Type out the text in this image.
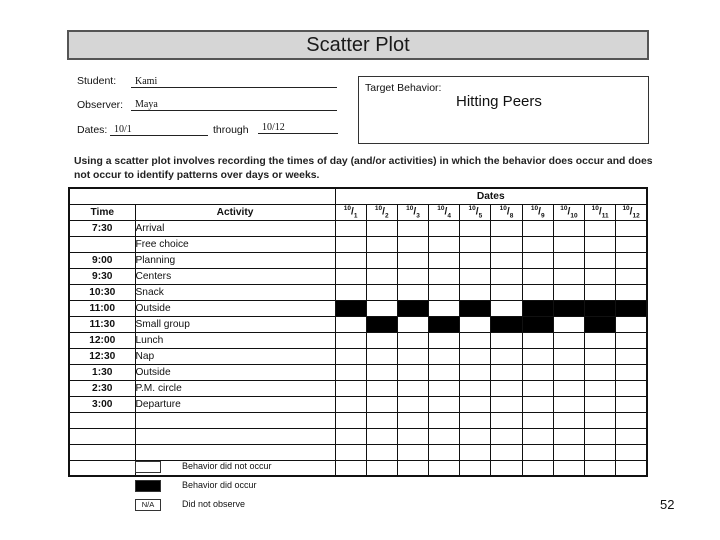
Scatter Plot
Student:	Kami
Observer:	Maya
Dates: 10/1	through	10/12
Target Behavior:
Hitting Peers
Using a scatter plot involves recording the times of day (and/or activities) in which the behavior does occur and does not occur to identify patterns over days or weeks.
		Dates									
Time	Activity	$^{10}/_1$	$^{10}/_2$	$^{10}/_3$	$^{10}/_4$	$^{10}/_5$	$^{10}/_8$	$^{10}/_9$	$^{10}/_{10}$	$^{10}/_{11}$	$^{10}/_{12}$
7:30	Arrival										
	Free choice										
9:00	Planning										
9:30	Centers										
10:30	Snack										
11:00	Outside										
11:30	Small group										
12:00	Lunch										
12:30	Nap										
1:30	Outside										
2:30	P.M. circle										
3:00	Departure										

Behavior did not occur
Behavior did occur
N/A	Did not observe	52
